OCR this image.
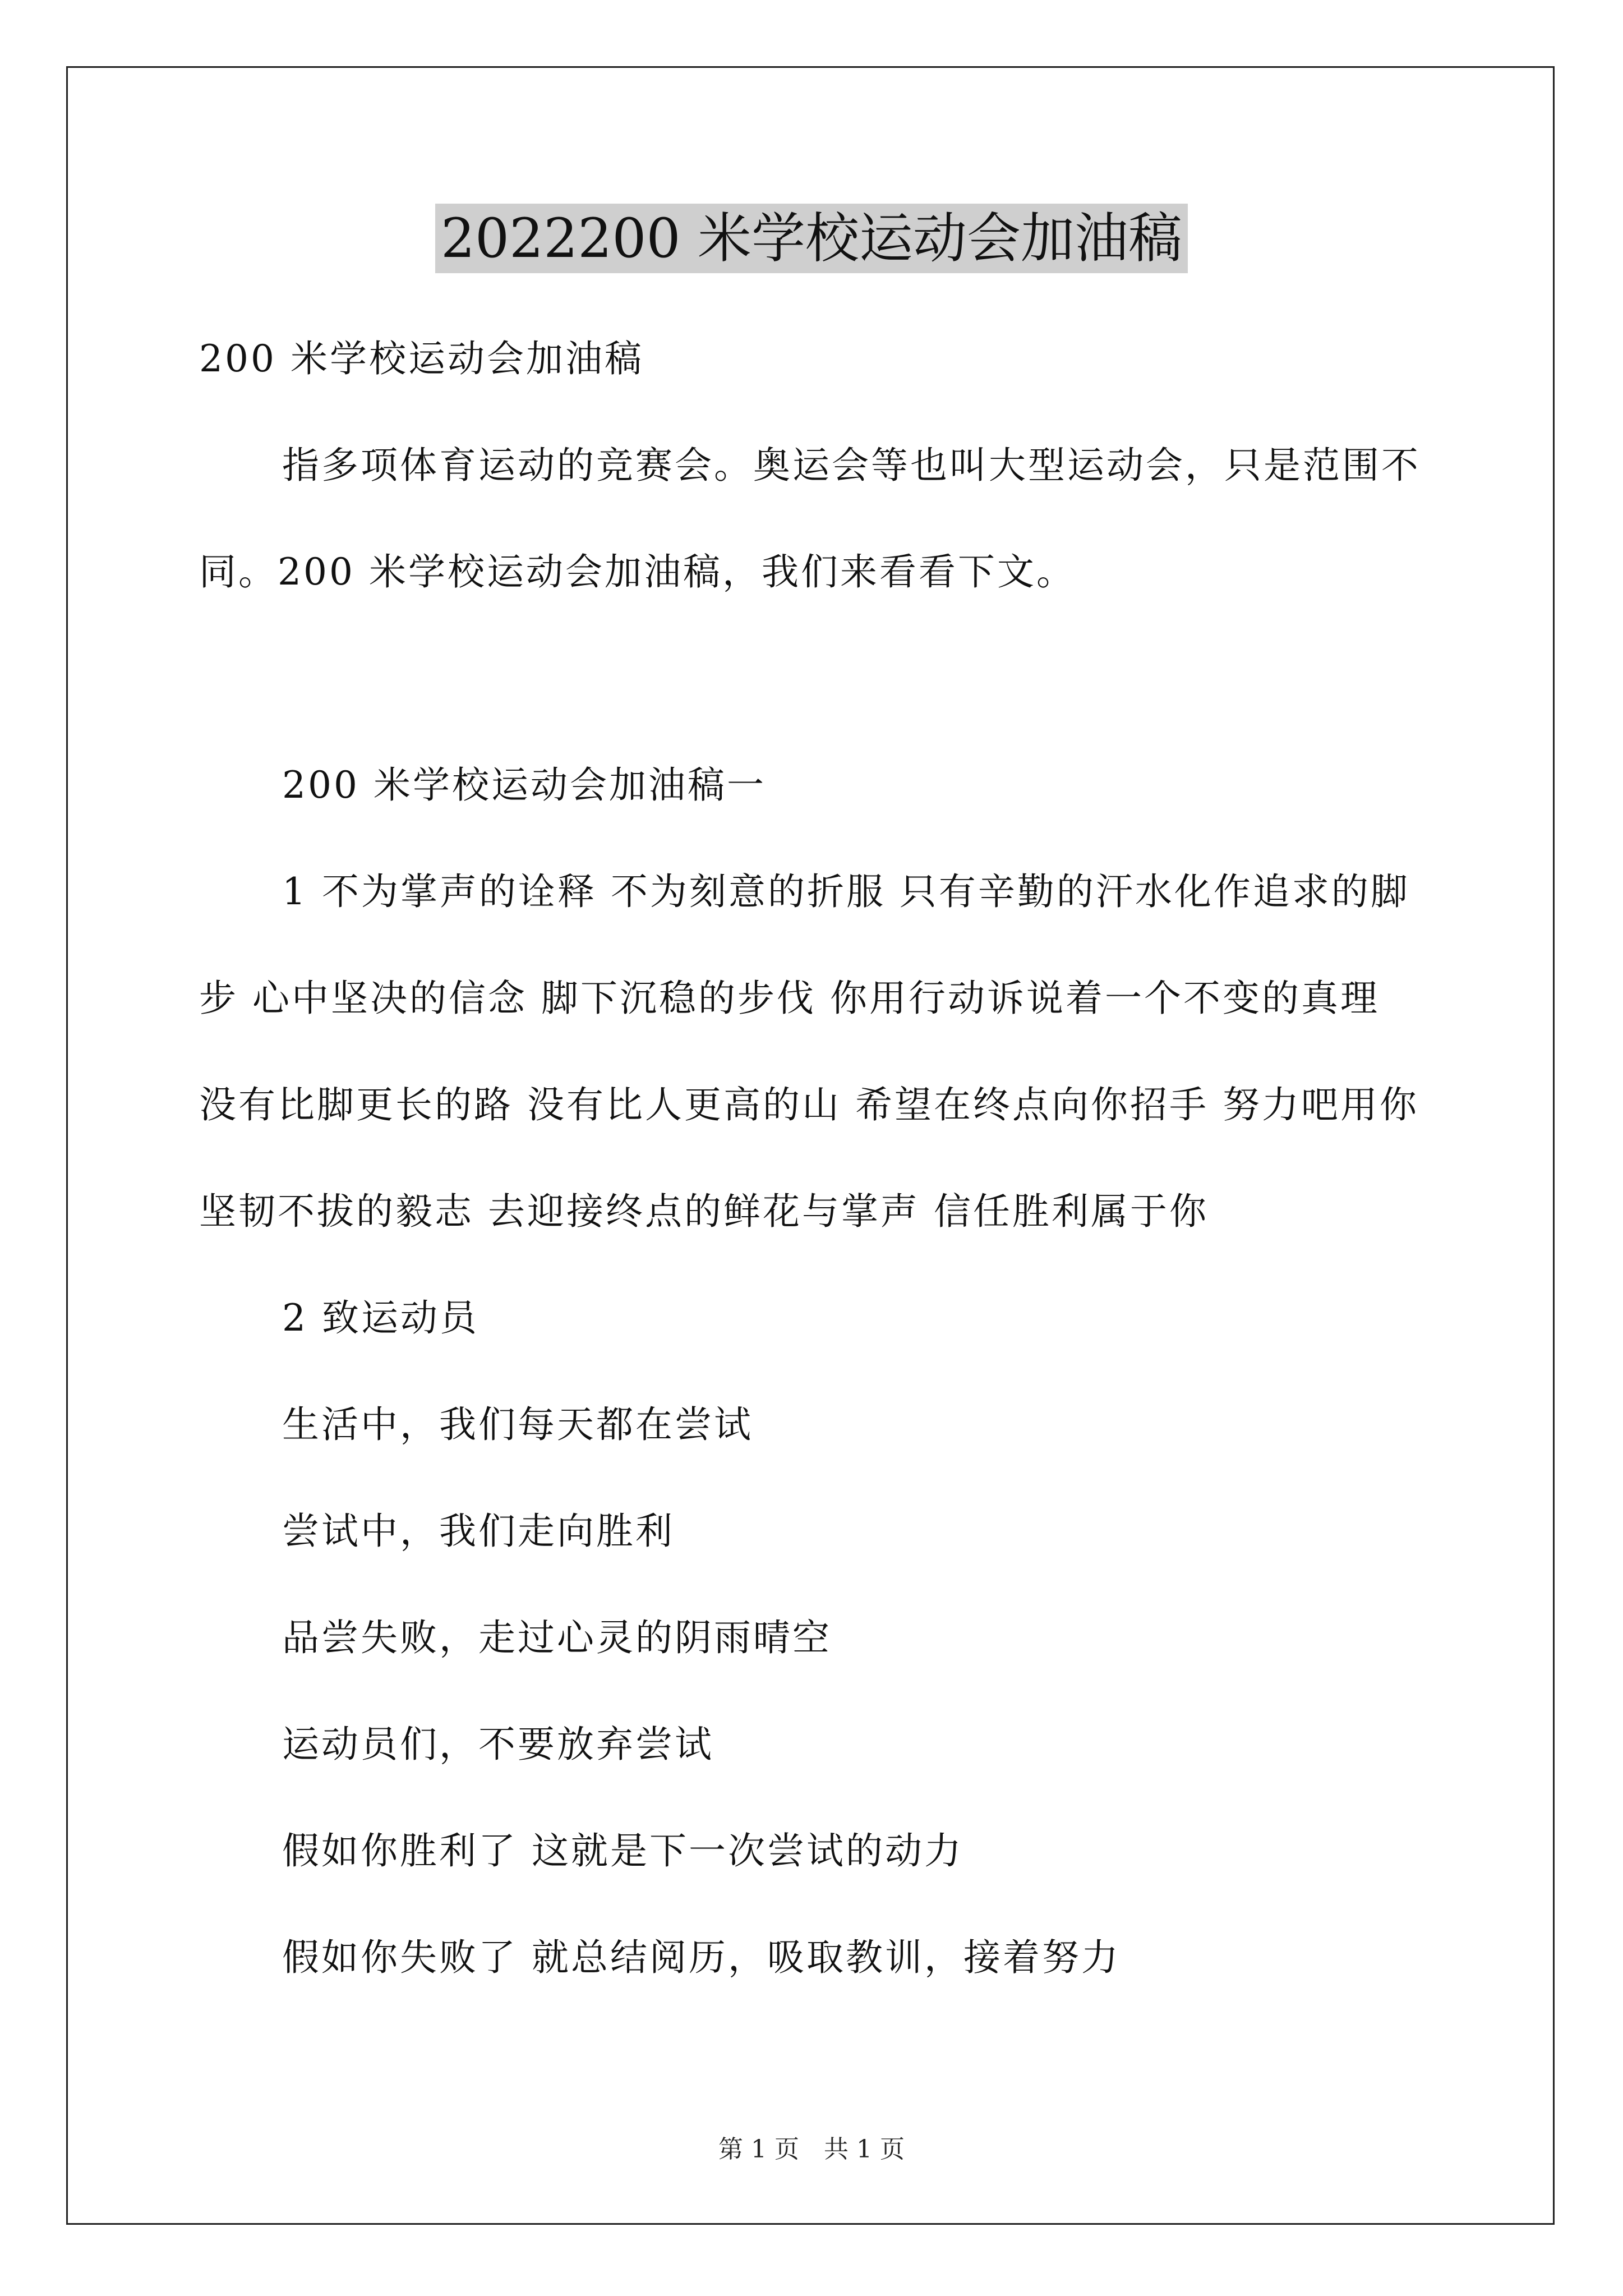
2022200 米学校运动会加油稿

200 米学校运动会加油稿

指多项体育运动的竞赛会。奥运会等也叫大型运动会，只是范围不同。200 米学校运动会加油稿，我们来看看下文。

200 米学校运动会加油稿一

1 不为掌声的诠释 不为刻意的折服 只有辛勤的汗水化作追求的脚步 心中坚决的信念 脚下沉稳的步伐 你用行动诉说着一个不变的真理 没有比脚更长的路 没有比人更高的山 希望在终点向你招手 努力吧用你坚韧不拔的毅志 去迎接终点的鲜花与掌声 信任胜利属于你

2 致运动员

生活中，我们每天都在尝试

尝试中，我们走向胜利

品尝失败，走过心灵的阴雨晴空

运动员们，不要放弃尝试

假如你胜利了 这就是下一次尝试的动力

假如你失败了 就总结阅历，吸取教训，接着努力

第 1 页　共 1 页
